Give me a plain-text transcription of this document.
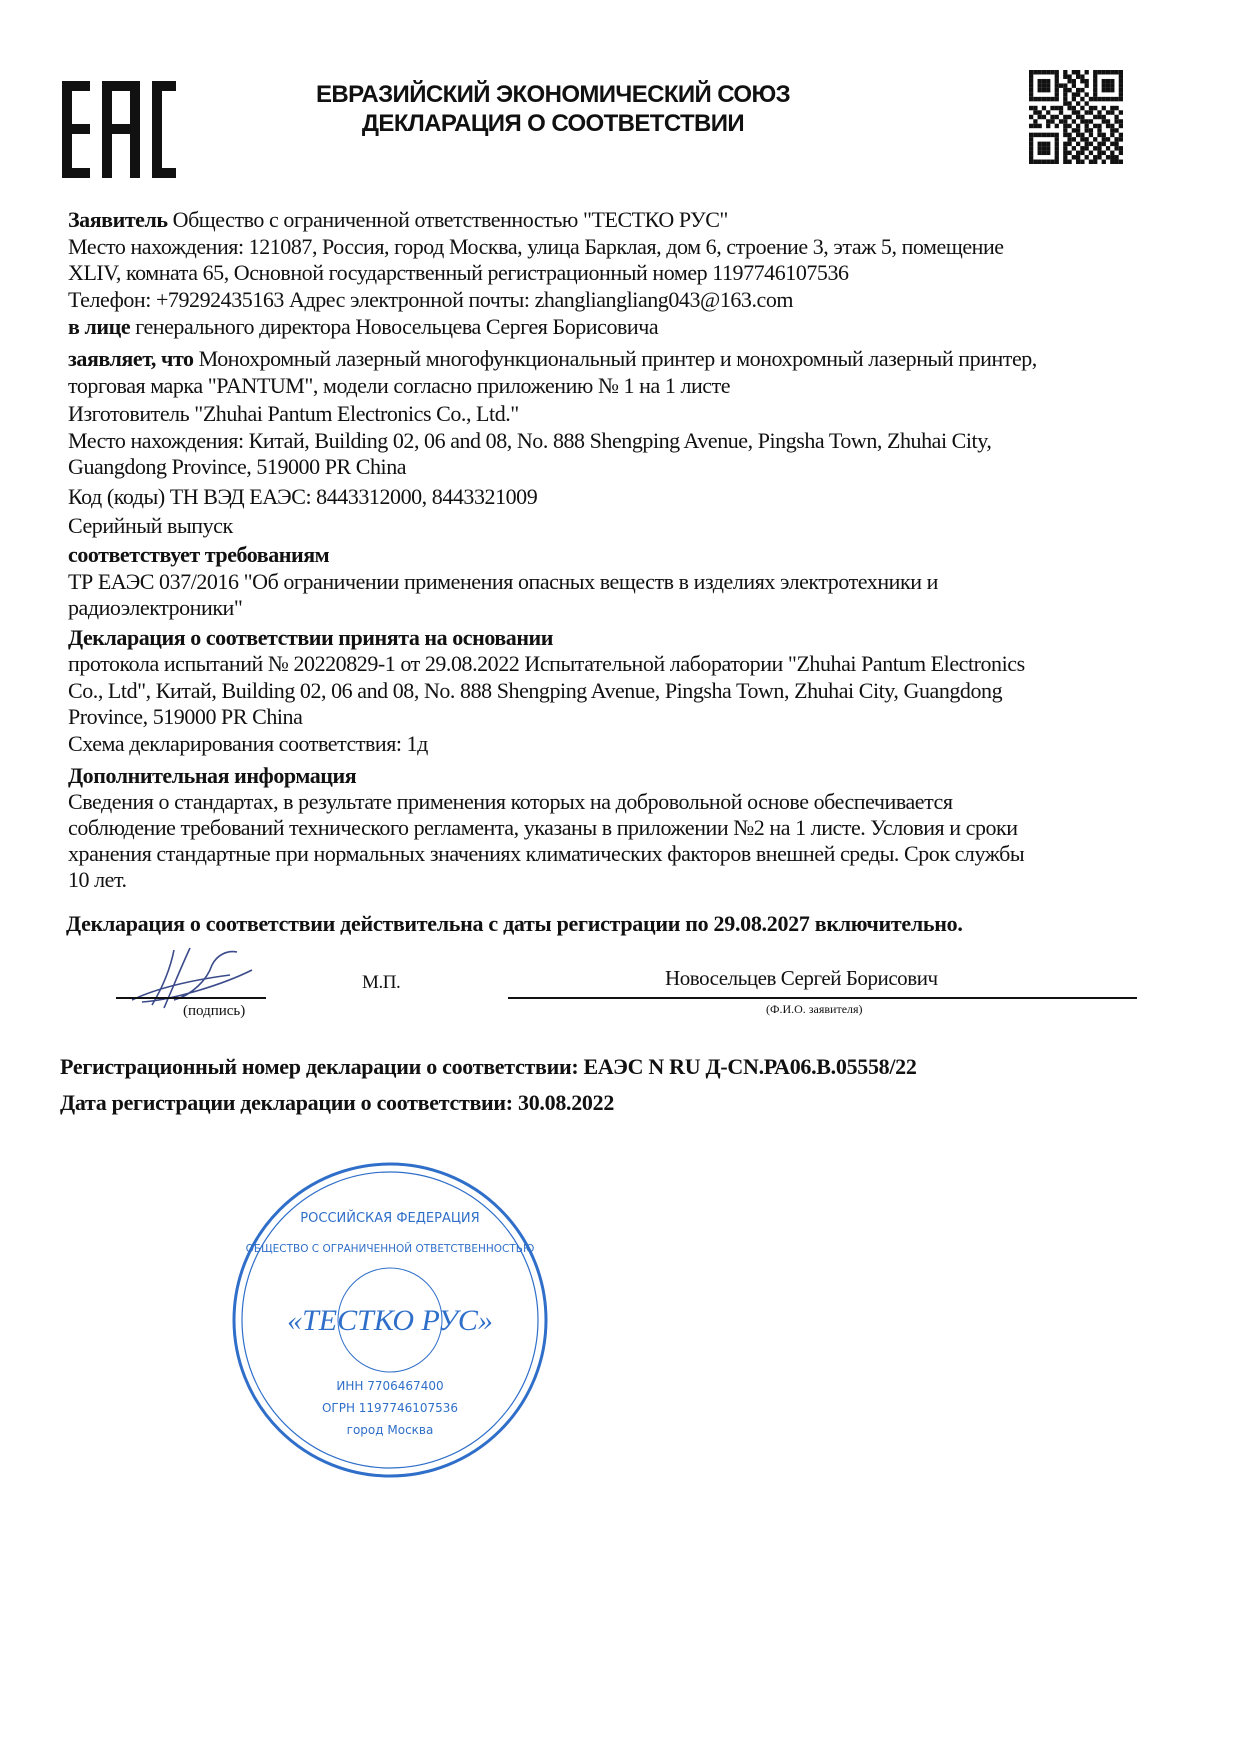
ЕВРАЗИЙСКИЙ ЭКОНОМИЧЕСКИЙ СОЮЗ
ДЕКЛАРАЦИЯ О СООТВЕТСТВИИ
Заявитель Общество с ограниченной ответственностью "ТЕСТКО РУС"
Место нахождения: 121087, Россия, город Москва, улица Барклая, дом 6, строение 3, этаж 5, помещение
XLIV, комната 65, Основной государственный регистрационный номер 1197746107536
Телефон: +79292435163 Адрес электронной почты: zhangliangliang043@163.com
в лице генерального директора Новосельцева Сергея Борисовича
заявляет, что Монохромный лазерный многофункциональный принтер и монохромный лазерный принтер,
торговая марка "PANTUM", модели согласно приложению № 1 на 1 листе
Изготовитель "Zhuhai Pantum Electronics Co., Ltd."
Место нахождения: Китай, Building 02, 06 and 08, No. 888 Shengping Avenue, Pingsha Town, Zhuhai City,
Guangdong Province, 519000 PR China
Код (коды) ТН ВЭД ЕАЭС: 8443312000, 8443321009
Серийный выпуск
соответствует требованиям
ТР ЕАЭС 037/2016 "Об ограничении применения опасных веществ в изделиях электротехники и
радиоэлектроники"
Декларация о соответствии принята на основании
протокола испытаний № 20220829-1 от 29.08.2022 Испытательной лаборатории "Zhuhai Pantum Electronics
Co., Ltd", Китай, Building 02, 06 and 08, No. 888 Shengping Avenue, Pingsha Town, Zhuhai City, Guangdong
Province, 519000 PR China
Схема декларирования соответствия: 1д
Дополнительная информация
Сведения о стандартах, в результате применения которых на добровольной основе обеспечивается
соблюдение требований технического регламента, указаны в приложении №2 на 1 листе. Условия и сроки
хранения стандартные при нормальных значениях климатических факторов внешней среды. Срок службы
10 лет.
Декларация о соответствии действительна с даты регистрации по 29.08.2027 включительно.
(подпись)
М.П.	Новосельцев Сергей Борисович
(Ф.И.О. заявителя)
Регистрационный номер декларации о соответствии: ЕАЭС N RU Д-CN.РА06.В.05558/22
Дата регистрации декларации о соответствии: 30.08.2022
РОССИЙСКАЯ ФЕДЕРАЦИЯ
ОБЩЕСТВО С ОГРАНИЧЕННОЙ ОТВЕТСТВЕННОСТЬЮ
«ТЕСТКО РУС»
ИНН 7706467400
ОГРН 1197746107536
город Москва
